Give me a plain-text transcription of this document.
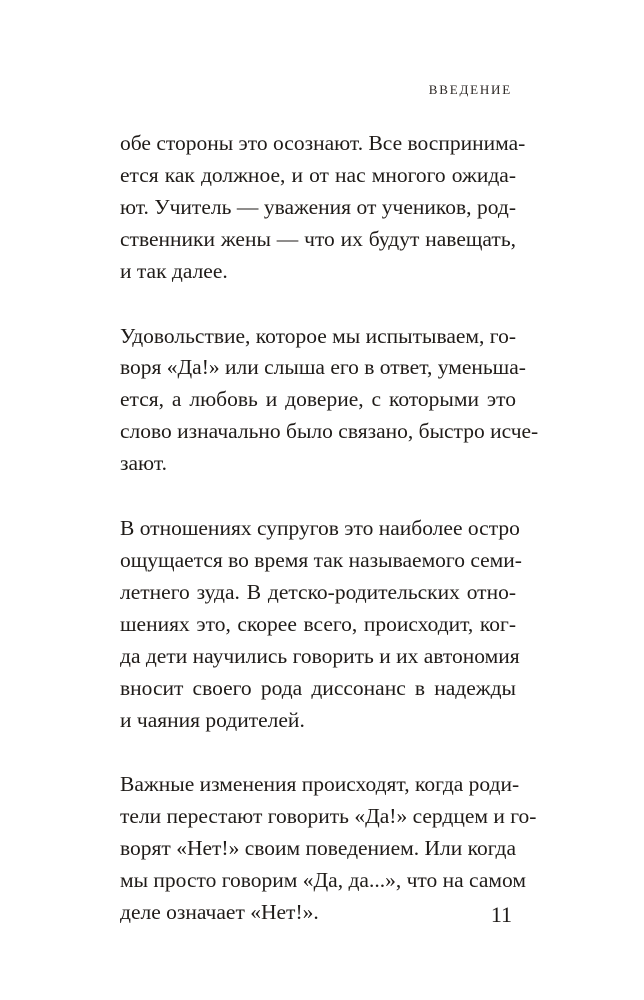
ВВЕДЕНИЕ

обе стороны это осознают. Все воспринима-
ется как должное, и от нас многого ожида-
ют. Учитель — уважения от учеников, род-
ственники жены — что их будут навещать,
и так далее.

Удовольствие, которое мы испытываем, го-
воря «Да!» или слыша его в ответ, уменьша-
ется, а любовь и доверие, с которыми это
слово изначально было связано, быстро исче-
зают.

В отношениях супругов это наиболее остро
ощущается во время так называемого семи-
летнего зуда. В детско-родительских отно-
шениях это, скорее всего, происходит, ког-
да дети научились говорить и их автономия
вносит своего рода диссонанс в надежды
и чаяния родителей.

Важные изменения происходят, когда роди-
тели перестают говорить «Да!» сердцем и го-
ворят «Нет!» своим поведением. Или когда
мы просто говорим «Да, да...», что на самом
деле означает «Нет!».	11
